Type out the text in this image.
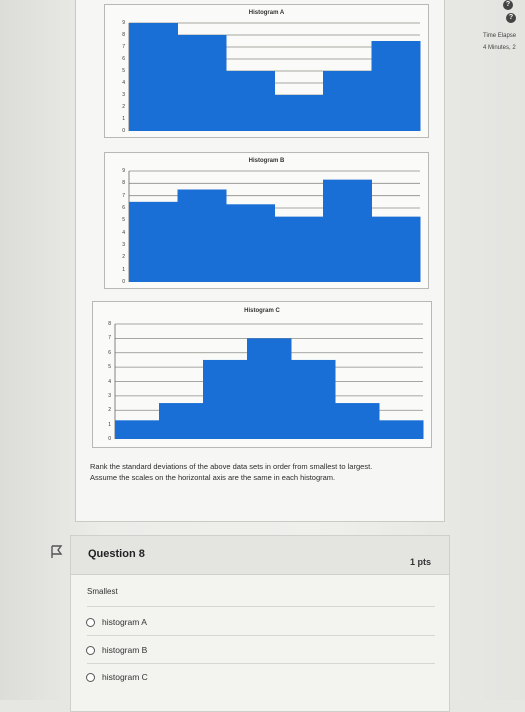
Histogram A
9
8
7
6
5
4
3
2
1
0
Histogram B
9
8
7
6
5
4
3
2
1
0
Histogram C
8
7
6
5
4
3
2
1
0
Rank the standard deviations of the above data sets in order from smallest to largest.
Assume the scales on the horizontal axis are the same in each histogram.
Question 8
1 pts
Smallest
histogram A
histogram B
histogram C
?
?
Time Elapse
4 Minutes, 2
